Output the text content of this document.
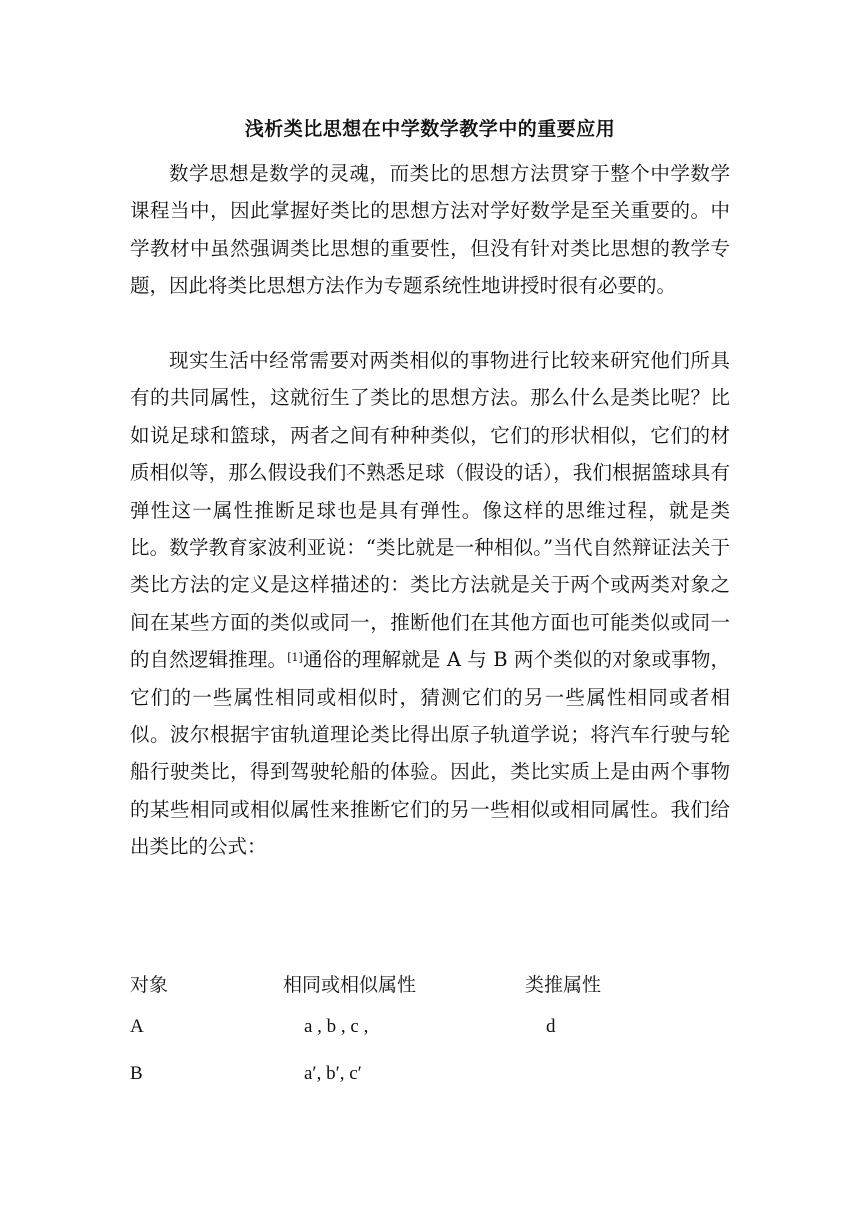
浅析类比思想在中学数学教学中的重要应用

数学思想是数学的灵魂，而类比的思想方法贯穿于整个中学数学课程当中，因此掌握好类比的思想方法对学好数学是至关重要的。中学教材中虽然强调类比思想的重要性，但没有针对类比思想的教学专题，因此将类比思想方法作为专题系统性地讲授时很有必要的。

现实生活中经常需要对两类相似的事物进行比较来研究他们所具有的共同属性，这就衍生了类比的思想方法。那么什么是类比呢？比如说足球和篮球，两者之间有种种类似，它们的形状相似，它们的材质相似等，那么假设我们不熟悉足球（假设的话），我们根据篮球具有弹性这一属性推断足球也是具有弹性。像这样的思维过程，就是类比。数学教育家波利亚说：“类比就是一种相似。”当代自然辩证法关于类比方法的定义是这样描述的：类比方法就是关于两个或两类对象之间在某些方面的类似或同一，推断他们在其他方面也可能类似或同一的自然逻辑推理。[1]通俗的理解就是 A 与 B 两个类似的对象或事物，它们的一些属性相同或相似时，猜测它们的另一些属性相同或者相似。波尔根据宇宙轨道理论类比得出原子轨道学说；将汽车行驶与轮船行驶类比，得到驾驶轮船的体验。因此，类比实质上是由两个事物的某些相同或相似属性来推断它们的另一些相似或相同属性。我们给出类比的公式：

对象	相同或相似属性	类推属性
A	a , b , c ,	d
B	a′, b′, c′
